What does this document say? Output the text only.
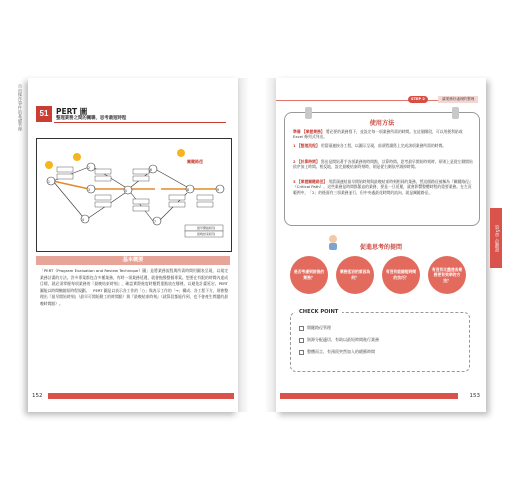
自由操作事件的基礎管理	51	PERT 圖
整理業務之間的關聯，思考最短時程
1
2
3
4
5
6
7
8	9
關鍵路徑
最早開始時刻
最晚結束時刻
基本概要
「PERT（Program Evaluation and Review Technique）圖」是將業務流程與所需時間用圖表呈現，以規定業務計畫的方法。許多專案都包含多種業務，有時一項業務延遲，就會拖慢整個專案。想要在有限的時間內達成目標，就必須掌握每項業務的『最晚結束時刻』，確認實際進度時應將重點放在哪裡，以避免計畫延宕。PERT 圖能以時間軸縮短時程規劃。　PERT 圖是以表示各工作的「○」與表示工作的「→」構成；各工程下方，則會整理出『最早開始時刻』（最早可開始動工的時間點）與『最晚結束時刻』（就算段都能作到，也不會產生問題的最晚時間點）。
152
STEP 2	讓業務好處理的整理
使用方法
準備 【掌握業務】 將必要的業務寫下，並設定每一項業務所需的時間。在這個階段，可以用便利貼或 Excel 條列式列出。
1 【整理流程】 用箭頭連接各工程，以圖示呈現，前須將讀寫上完成該項業務所需的時間。
2 【計算時間】 寫出是開始著手各項業務的時間點，計算時間。思考最早開始時刻時，原則上是從左側開始依序加上時間。相反地，設定最晚結束時刻時，則是從右側依序減掉時間。
3 【掌握關鍵路徑】 用箭頭連結最早開始時刻與最晚結束時刻相同的業務，然這個路徑被稱為『關鍵路徑』（Critical Path），這些業務是時間都緊迫的業務，要是一旦延遲，就會影響整體時程的重要業務。在左頁範例中，「2」的後面有三項業務並行，但中央處最花時間的流向，就是關鍵路徑。
促進思考的提問
是否考慮到前後的業務？
業務延宕的原因為何？
有沒有能縮短時間的技巧？
有沒有比盡速各業務更有效率的方法？
CHECK POINT
開鍵路徑管理
資源分配適切，有助以最短時間進行業務
整體而言，有預留突然加入的緩衝時間
153
第5章 企劃書
